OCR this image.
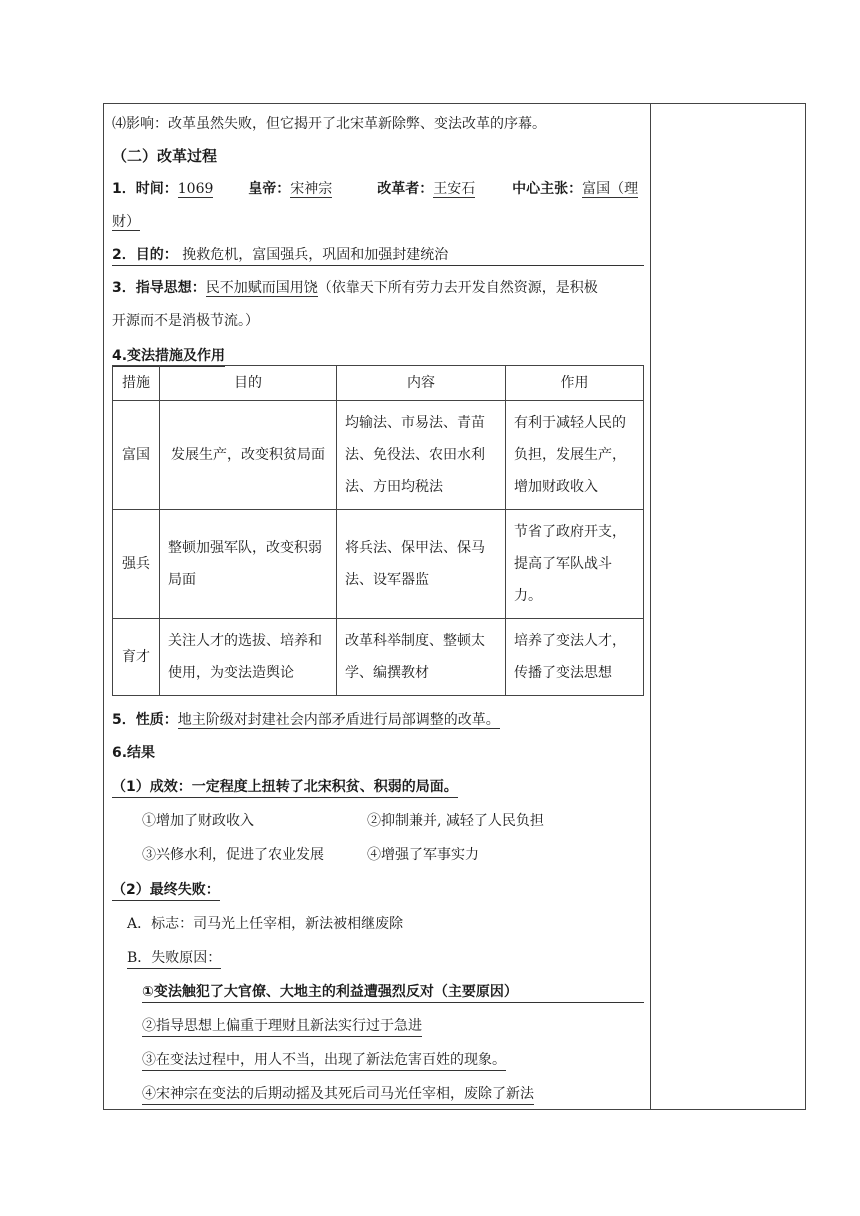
⑷影响：改革虽然失败，但它揭开了北宋革新除弊、变法改革的序幕。
（二）改革过程
1．时间：1069 皇帝：宋神宗	改革者：王安石	中心主张：富国（理
财）
2．目的： 挽救危机，富国强兵，巩固和加强封建统治
3．指导思想：民不加赋而国用饶（依靠天下所有劳力去开发自然资源，是积极
开源而不是消极节流。）
4.变法措施及作用
措施	目的	内容	作用
富国	发展生产，改变积贫局面	均输法、市易法、青苗法、免役法、农田水利法、方田均税法	有利于减轻人民的负担，发展生产，增加财政收入
强兵	整顿加强军队，改变积弱局面	将兵法、保甲法、保马法、设军器监	节省了政府开支，提高了军队战斗力。
育才	关注人才的选拔、培养和使用，为变法造舆论	改革科举制度、整顿太学、编撰教材	培养了变法人才，传播了变法思想
5．性质：地主阶级对封建社会内部矛盾进行局部调整的改革。
6.结果
（1）成效：一定程度上扭转了北宋积贫、积弱的局面。
①增加了财政收入	②抑制兼并, 减轻了人民负担
③兴修水利，促进了农业发展	④增强了军事实力
（2）最终失败：
A．标志：司马光上任宰相，新法被相继废除
B．失败原因：
①变法触犯了大官僚、大地主的利益遭强烈反对（主要原因）
②指导思想上偏重于理财且新法实行过于急进
③在变法过程中，用人不当，出现了新法危害百姓的现象。
④宋神宗在变法的后期动摇及其死后司马光任宰相，废除了新法
